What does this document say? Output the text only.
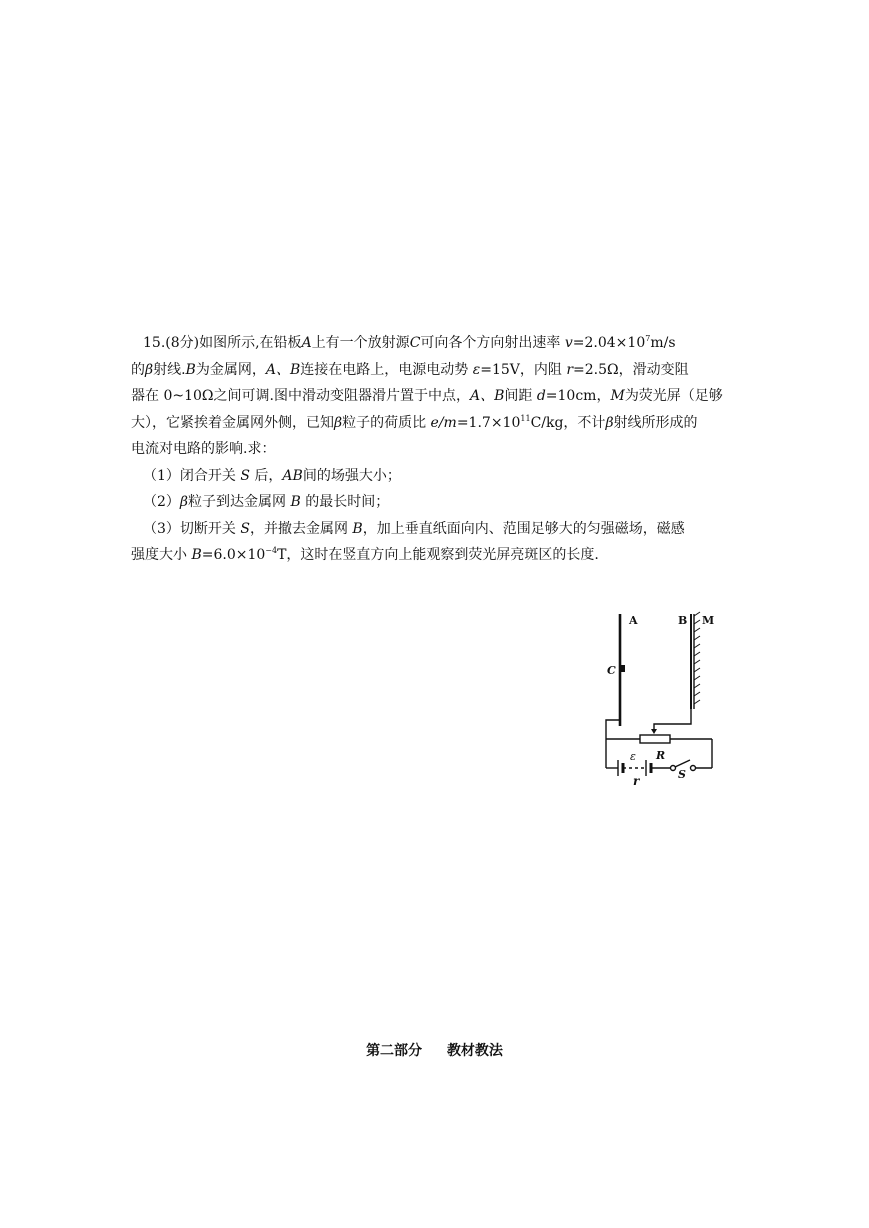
15.(8分)如图所示,在铅板A上有一个放射源C可向各个方向射出速率 $v=2.04\times 10^7m/s$

的β射线.B为金属网，A、B连接在电路上，电源电动势 ε=15V，内阻 r=2.5Ω，滑动变阻

器在 0~10Ω之间可调.图中滑动变阻器滑片置于中点，A、B间距 d=10cm，M为荧光屏（足够

大），它紧挨着金属网外侧，已知β粒子的荷质比 $e/m=1.7\times 10^{11}C/kg$，不计β射线所形成的

电流对电路的影响.求：

（1）闭合开关 S 后，AB间的场强大小；

（2）β粒子到达金属网 B 的最长时间；

（3）切断开关 S，并撤去金属网 B，加上垂直纸面向内、范围足够大的匀强磁场，磁感

强度大小 $B=6.0\times 10^{-4}T$，这时在竖直方向上能观察到荧光屏亮斑区的长度.

A	B M
C
R
ε
r	S
第二部分 教材教法
